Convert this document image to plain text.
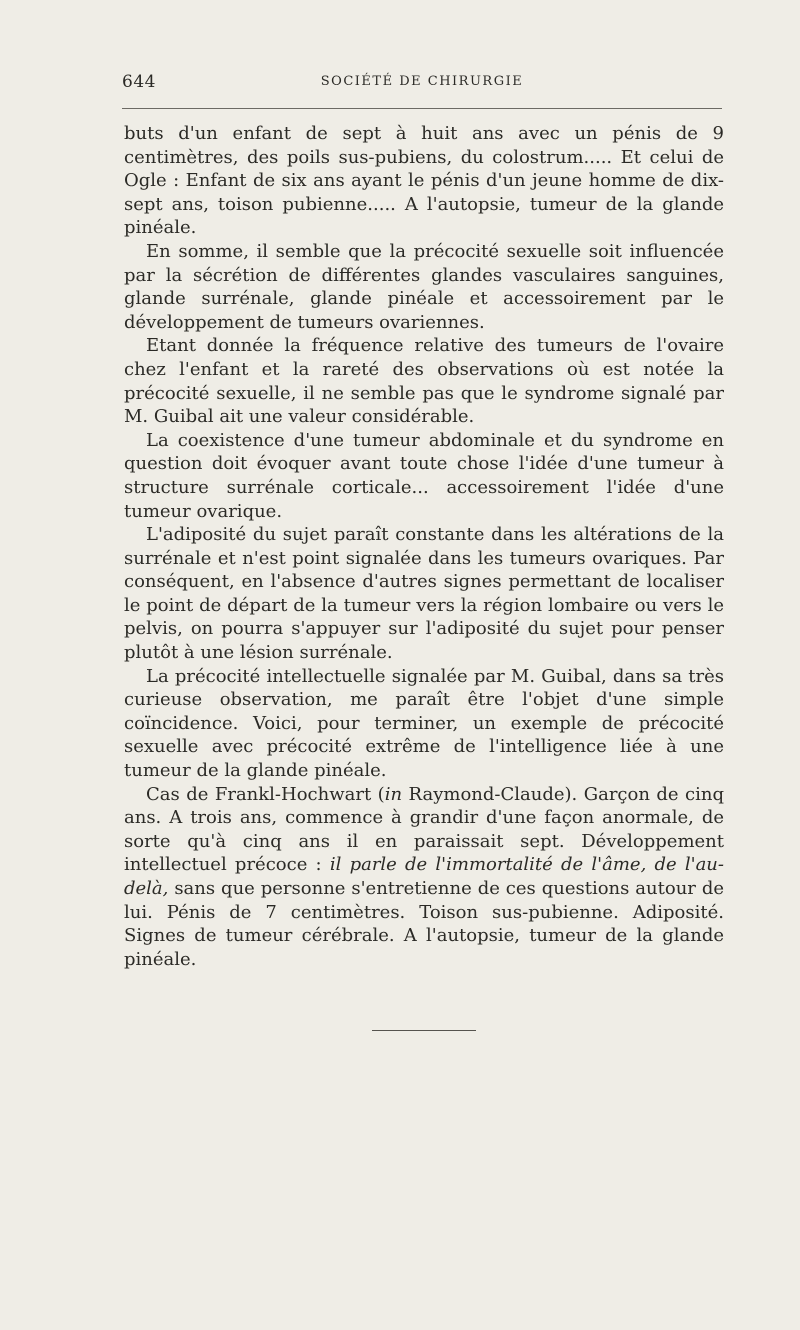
644	SOCIÉTÉ DE CHIRURGIE

buts d'un enfant de sept à huit ans avec un pénis de 9 centimètres, des poils sus-pubiens, du colostrum..... Et celui de Ogle : Enfant de six ans ayant le pénis d'un jeune homme de dix-sept ans, toison pubienne..... A l'autopsie, tumeur de la glande pinéale.

En somme, il semble que la précocité sexuelle soit influencée par la sécrétion de différentes glandes vasculaires sanguines, glande surrénale, glande pinéale et accessoirement par le développement de tumeurs ovariennes.

Etant donnée la fréquence relative des tumeurs de l'ovaire chez l'enfant et la rareté des observations où est notée la précocité sexuelle, il ne semble pas que le syndrome signalé par M. Guibal ait une valeur considérable.

La coexistence d'une tumeur abdominale et du syndrome en question doit évoquer avant toute chose l'idée d'une tumeur à structure surrénale corticale... accessoirement l'idée d'une tumeur ovarique.

L'adiposité du sujet paraît constante dans les altérations de la surrénale et n'est point signalée dans les tumeurs ovariques. Par conséquent, en l'absence d'autres signes permettant de localiser le point de départ de la tumeur vers la région lombaire ou vers le pelvis, on pourra s'appuyer sur l'adiposité du sujet pour penser plutôt à une lésion surrénale.

La précocité intellectuelle signalée par M. Guibal, dans sa très curieuse observation, me paraît être l'objet d'une simple coïncidence. Voici, pour terminer, un exemple de précocité sexuelle avec précocité extrême de l'intelligence liée à une tumeur de la glande pinéale.

Cas de Frankl-Hochwart (in Raymond-Claude). Garçon de cinq ans. A trois ans, commence à grandir d'une façon anormale, de sorte qu'à cinq ans il en paraissait sept. Développement intellectuel précoce : il parle de l'immortalité de l'âme, de l'au-delà, sans que personne s'entretienne de ces questions autour de lui. Pénis de 7 centimètres. Toison sus-pubienne. Adiposité. Signes de tumeur cérébrale. A l'autopsie, tumeur de la glande pinéale.
